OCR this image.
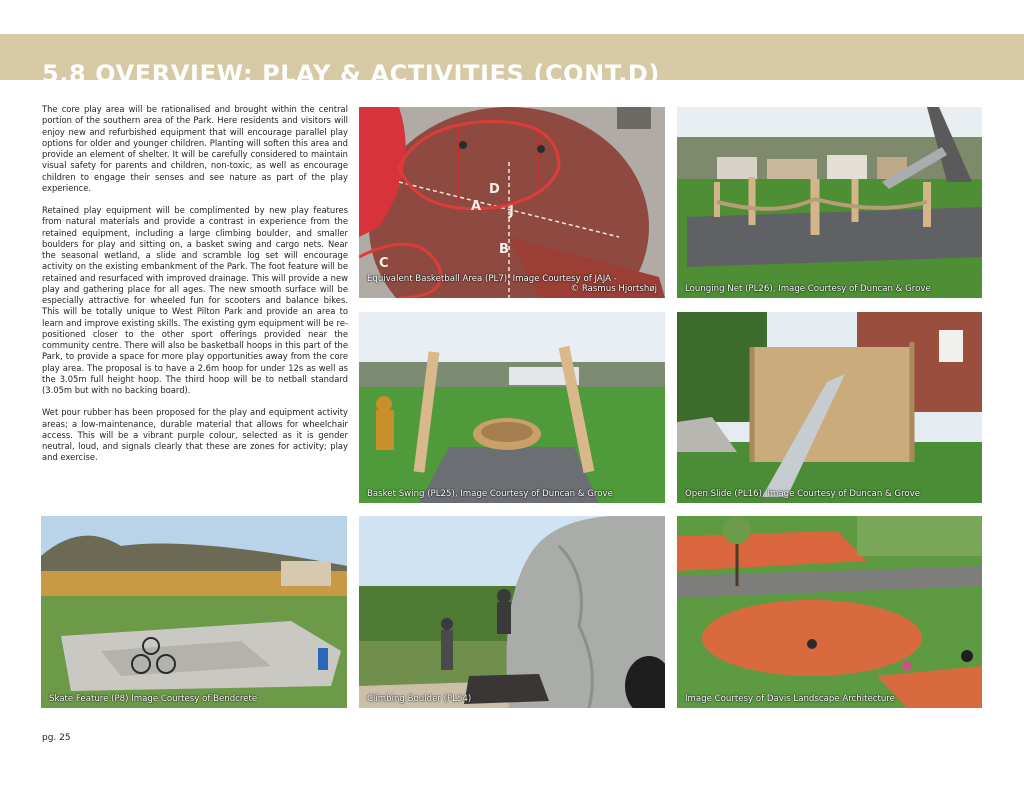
5.8 OVERVIEW: PLAY & ACTIVITIES (CONT.D)

The core play area will be rationalised and brought within the central portion of the southern area of the Park. Here residents and visitors will enjoy new and refurbished equipment that will encourage parallel play options for older and younger children. Planting will soften this area and provide an element of shelter. It will be carefully considered to maintain visual safety for parents and children, non-toxic, as well as encourage children to engage their senses and see nature as part of the play experience.

Retained play equipment will be complimented by new play features from natural materials and provide a contrast in experience from the retained equipment, including a large climbing boulder, and smaller boulders for play and sitting on, a basket swing and cargo nets. Near the seasonal wetland, a slide and scramble log set will encourage activity on the existing embankment of the Park. The foot feature will be retained and resurfaced with improved drainage. This will provide a new play and gathering place for all ages. The new smooth surface will be especially attractive for wheeled fun for scooters and balance bikes. This will be totally unique to West Pilton Park and provide an area to learn and improve existing skills. The existing gym equipment will be re-positioned closer to the other sport offerings provided near the community centre. There will also be basketball hoops in this part of the Park, to provide a space for more play opportunities away from the core play area. The proposal is to have a 2.6m hoop for under 12s as well as the 3.05m full height hoop. The third hoop will be to netball standard (3.05m but with no backing board).

Wet pour rubber has been proposed for the play and equipment activity areas; a low-maintenance, durable material that allows for wheelchair access. This will be a vibrant purple colour, selected as it is gender neutral, loud, and signals clearly that these are zones for activity; play and exercise.

A
B
C
D
J
Equivalent Basketball Area (PL7), Image Courtesy of JAJA -
© Rasmus Hjortshøj	Lounging Net (PL26), Image Courtesy of Duncan & Grove
Basket Swing (PL25), Image Courtesy of Duncan & Grove	Open Slide (PL16), Image Courtesy of Duncan & Grove
Skate Feature (P8) Image Courtesy of Bendcrete	Climbing Boulder (PL54)	Image Courtesy of Davis Landscape Architecture
pg. 25
